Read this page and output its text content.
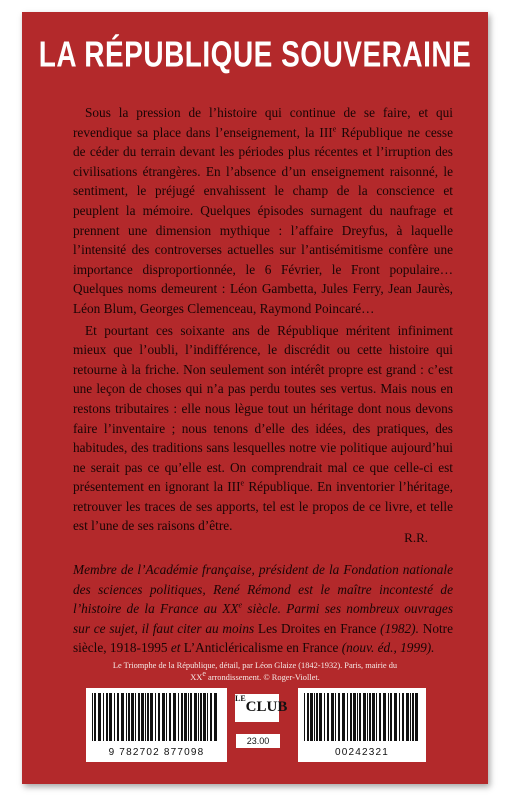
LA RÉPUBLIQUE SOUVERAINE

Sous la pression de l’histoire qui continue de se faire, et qui revendique sa place dans l’enseignement, la IIIe République ne cesse de céder du terrain devant les périodes plus récentes et l’irruption des civilisations étrangères. En l’absence d’un enseignement raisonné, le sentiment, le préjugé envahissent le champ de la conscience et peuplent la mémoire. Quelques épisodes surnagent du naufrage et prennent une dimension mythique : l’affaire Dreyfus, à laquelle l’intensité des controverses actuelles sur l’antisémitisme confère une importance disproportionnée, le 6 Février, le Front populaire… Quelques noms demeurent : Léon Gambetta, Jules Ferry, Jean Jaurès, Léon Blum, Georges Clemenceau, Raymond Poincaré…

Et pourtant ces soixante ans de République méritent infiniment mieux que l’oubli, l’indifférence, le discrédit ou cette histoire qui retourne à la friche. Non seulement son intérêt propre est grand : c’est une leçon de choses qui n’a pas perdu toutes ses vertus. Mais nous en restons tributaires : elle nous lègue tout un héritage dont nous devons faire l’inventaire ; nous tenons d’elle des idées, des pratiques, des habitudes, des traditions sans lesquelles notre vie politique aujourd’hui ne serait pas ce qu’elle est. On comprendrait mal ce que celle-ci est présentement en ignorant la IIIe République. En inventorier l’héritage, retrouver les traces de ses apports, tel est le propos de ce livre, et telle est l’une de ses raisons d’être.

R.R.
Membre de l’Académie française, président de la Fondation nationale des sciences politiques, René Rémond est le maître incontesté de l’histoire de la France au XXe siècle. Parmi ses nombreux ouvrages sur ce sujet, il faut citer au moins Les Droites en France (1982). Notre siècle, 1918-1995 et L’Anticléricalisme en France (nouv. éd., 1999).
Le Triomphe de la République, détail, par Léon Glaize (1842-1932). Paris, mairie du
XXe arrondissement. © Roger-Viollet.
9 782702 877098
$^{LE}$CLUB
23.00
00242321
